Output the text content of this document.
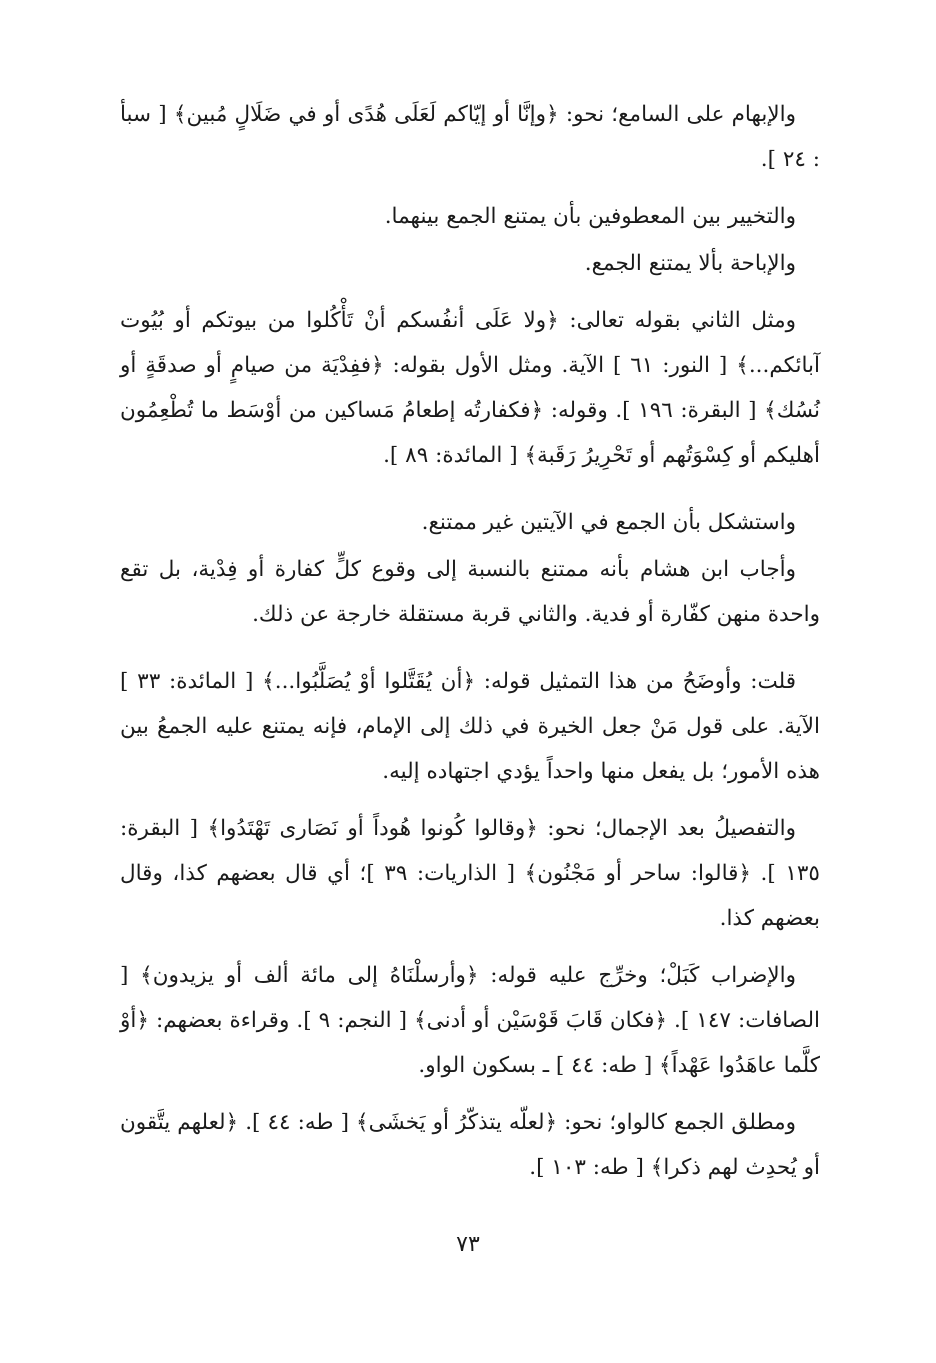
والإبهام على السامع؛ نحو: ﴿وإنَّا أو إيّاكم لَعَلَى هُدًى أو في ضَلَالٍ مُبين﴾ [ سبأ : ٢٤ ].

والتخيير بين المعطوفين بأن يمتنع الجمع بينهما.

والإباحة بألا يمتنع الجمع.

ومثل الثاني بقوله تعالى: ﴿ولا عَلَى أنفُسكم أنْ تَأْكُلوا من بيوتكم أو بُيُوت آبائكم...﴾ [ النور: ٦١ ] الآية. ومثل الأول بقوله: ﴿ففِدْيَة من صيامٍ أو صدقَةٍ أو نُسُك﴾ [ البقرة: ١٩٦ ]. وقوله: ﴿فكفارتُه إطعامُ مَساكين من أوْسَط ما تُطْعِمُون أهليكم أو كِسْوَتُهم أو تَحْرِيرُ رَقَبة﴾ [ المائدة: ٨٩ ].

واستشكل بأن الجمع في الآيتين غير ممتنع.

وأجاب ابن هشام بأنه ممتنع بالنسبة إلى وقوع كلٍّ كفارة أو فِدْية، بل تقع واحدة منهن كفّارة أو فدية. والثاني قربة مستقلة خارجة عن ذلك.

قلت: وأوضَحُ من هذا التمثيل قوله: ﴿أن يُقَتَّلوا أوْ يُصَلَّبُوا...﴾ [ المائدة: ٣٣ ] الآية. على قول مَنْ جعل الخيرة في ذلك إلى الإمام، فإنه يمتنع عليه الجمعُ بين هذه الأمور؛ بل يفعل منها واحداً يؤدي اجتهاده إليه.

والتفصيلُ بعد الإجمال؛ نحو: ﴿وقالوا كُونوا هُوداً أو نَصَارى تَهْتَدُوا﴾ [ البقرة: ١٣٥ ]. ﴿قالوا: ساحر أو مَجْنُون﴾ [ الذاريات: ٣٩ ]؛ أي قال بعضهم كذا، وقال بعضهم كذا.

والإضراب كَبَلْ؛ وخرِّج عليه قوله: ﴿وأرسلْنَاهُ إلى مائة ألف أو يزيدون﴾ [ الصافات: ١٤٧ ]. ﴿فكان قَابَ قَوْسَيْن أو أدنى﴾ [ النجم: ٩ ]. وقراءة بعضهم: ﴿أوْ كلَّما عاهَدُوا عَهْداً﴾ [ طه: ٤٤ ] ـ بسكون الواو.

ومطلق الجمع كالواو؛ نحو: ﴿لعلّه يتذكّرُ أو يَخشَى﴾ [ طه: ٤٤ ]. ﴿لعلهم يتَّقون أو يُحدِث لهم ذكرا﴾ [ طه: ١٠٣ ].

٧٣
